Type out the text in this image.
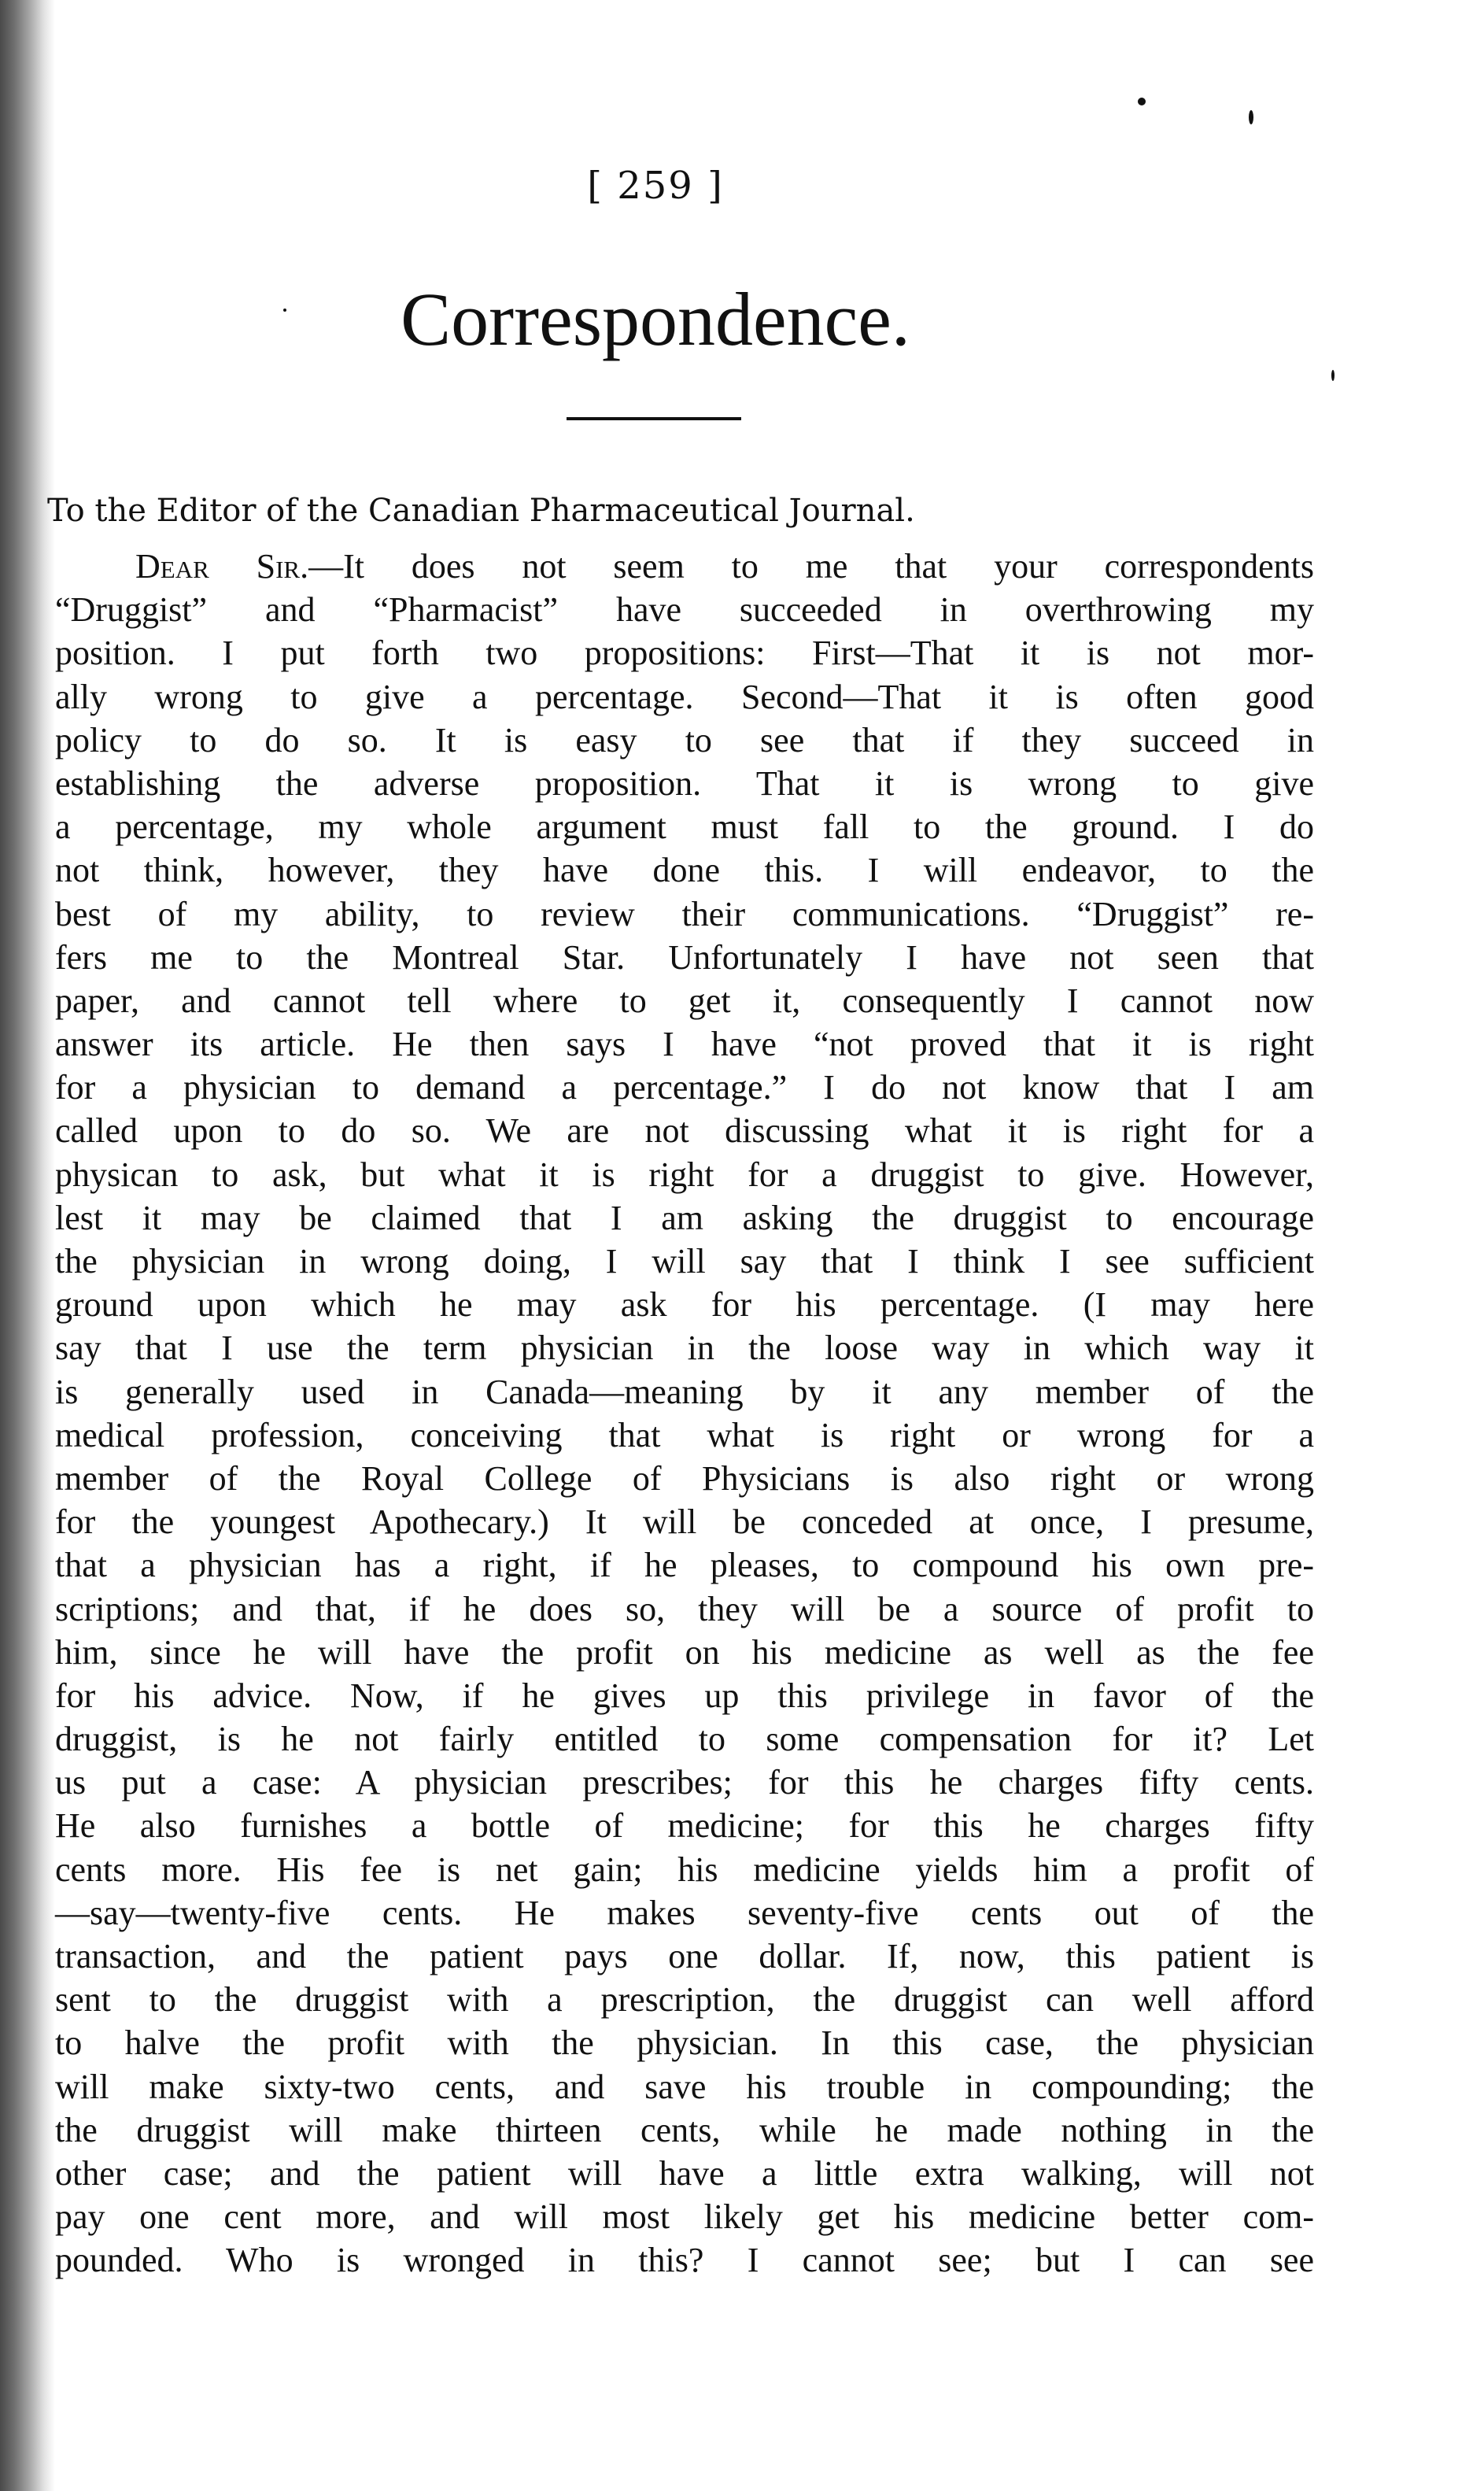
[ 259 ]
Correspondence.
To the Editor of the Canadian Pharmaceutical Journal.
Dear Sir.—It does not seem to me that your correspondents
“Druggist” and “Pharmacist” have succeeded in overthrowing my
position. I put forth two propositions: First—That it is not mor-
ally wrong to give a percentage. Second—That it is often good
policy to do so. It is easy to see that if they succeed in
establishing the adverse proposition. That it is wrong to give
a percentage, my whole argument must fall to the ground. I do
not think, however, they have done this. I will endeavor, to the
best of my ability, to review their communications. “Druggist” re-
fers me to the Montreal Star. Unfortunately I have not seen that
paper, and cannot tell where to get it, consequently I cannot now
answer its article. He then says I have “not proved that it is right
for a physician to demand a percentage.” I do not know that I am
called upon to do so. We are not discussing what it is right for a
physican to ask, but what it is right for a druggist to give. However,
lest it may be claimed that I am asking the druggist to encourage
the physician in wrong doing, I will say that I think I see sufficient
ground upon which he may ask for his percentage. (I may here
say that I use the term physician in the loose way in which way it
is generally used in Canada—meaning by it any member of the
medical profession, conceiving that what is right or wrong for a
member of the Royal College of Physicians is also right or wrong
for the youngest Apothecary.) It will be conceded at once, I presume,
that a physician has a right, if he pleases, to compound his own pre-
scriptions; and that, if he does so, they will be a source of profit to
him, since he will have the profit on his medicine as well as the fee
for his advice. Now, if he gives up this privilege in favor of the
druggist, is he not fairly entitled to some compensation for it? Let
us put a case: A physician prescribes; for this he charges fifty cents.
He also furnishes a bottle of medicine; for this he charges fifty
cents more. His fee is net gain; his medicine yields him a profit of
—say—twenty-five cents. He makes seventy-five cents out of the
transaction, and the patient pays one dollar. If, now, this patient is
sent to the druggist with a prescription, the druggist can well afford
to halve the profit with the physician. In this case, the physician
will make sixty-two cents, and save his trouble in compounding; the
the druggist will make thirteen cents, while he made nothing in the
other case; and the patient will have a little extra walking, will not
pay one cent more, and will most likely get his medicine better com-
pounded. Who is wronged in this? I cannot see; but I can see
